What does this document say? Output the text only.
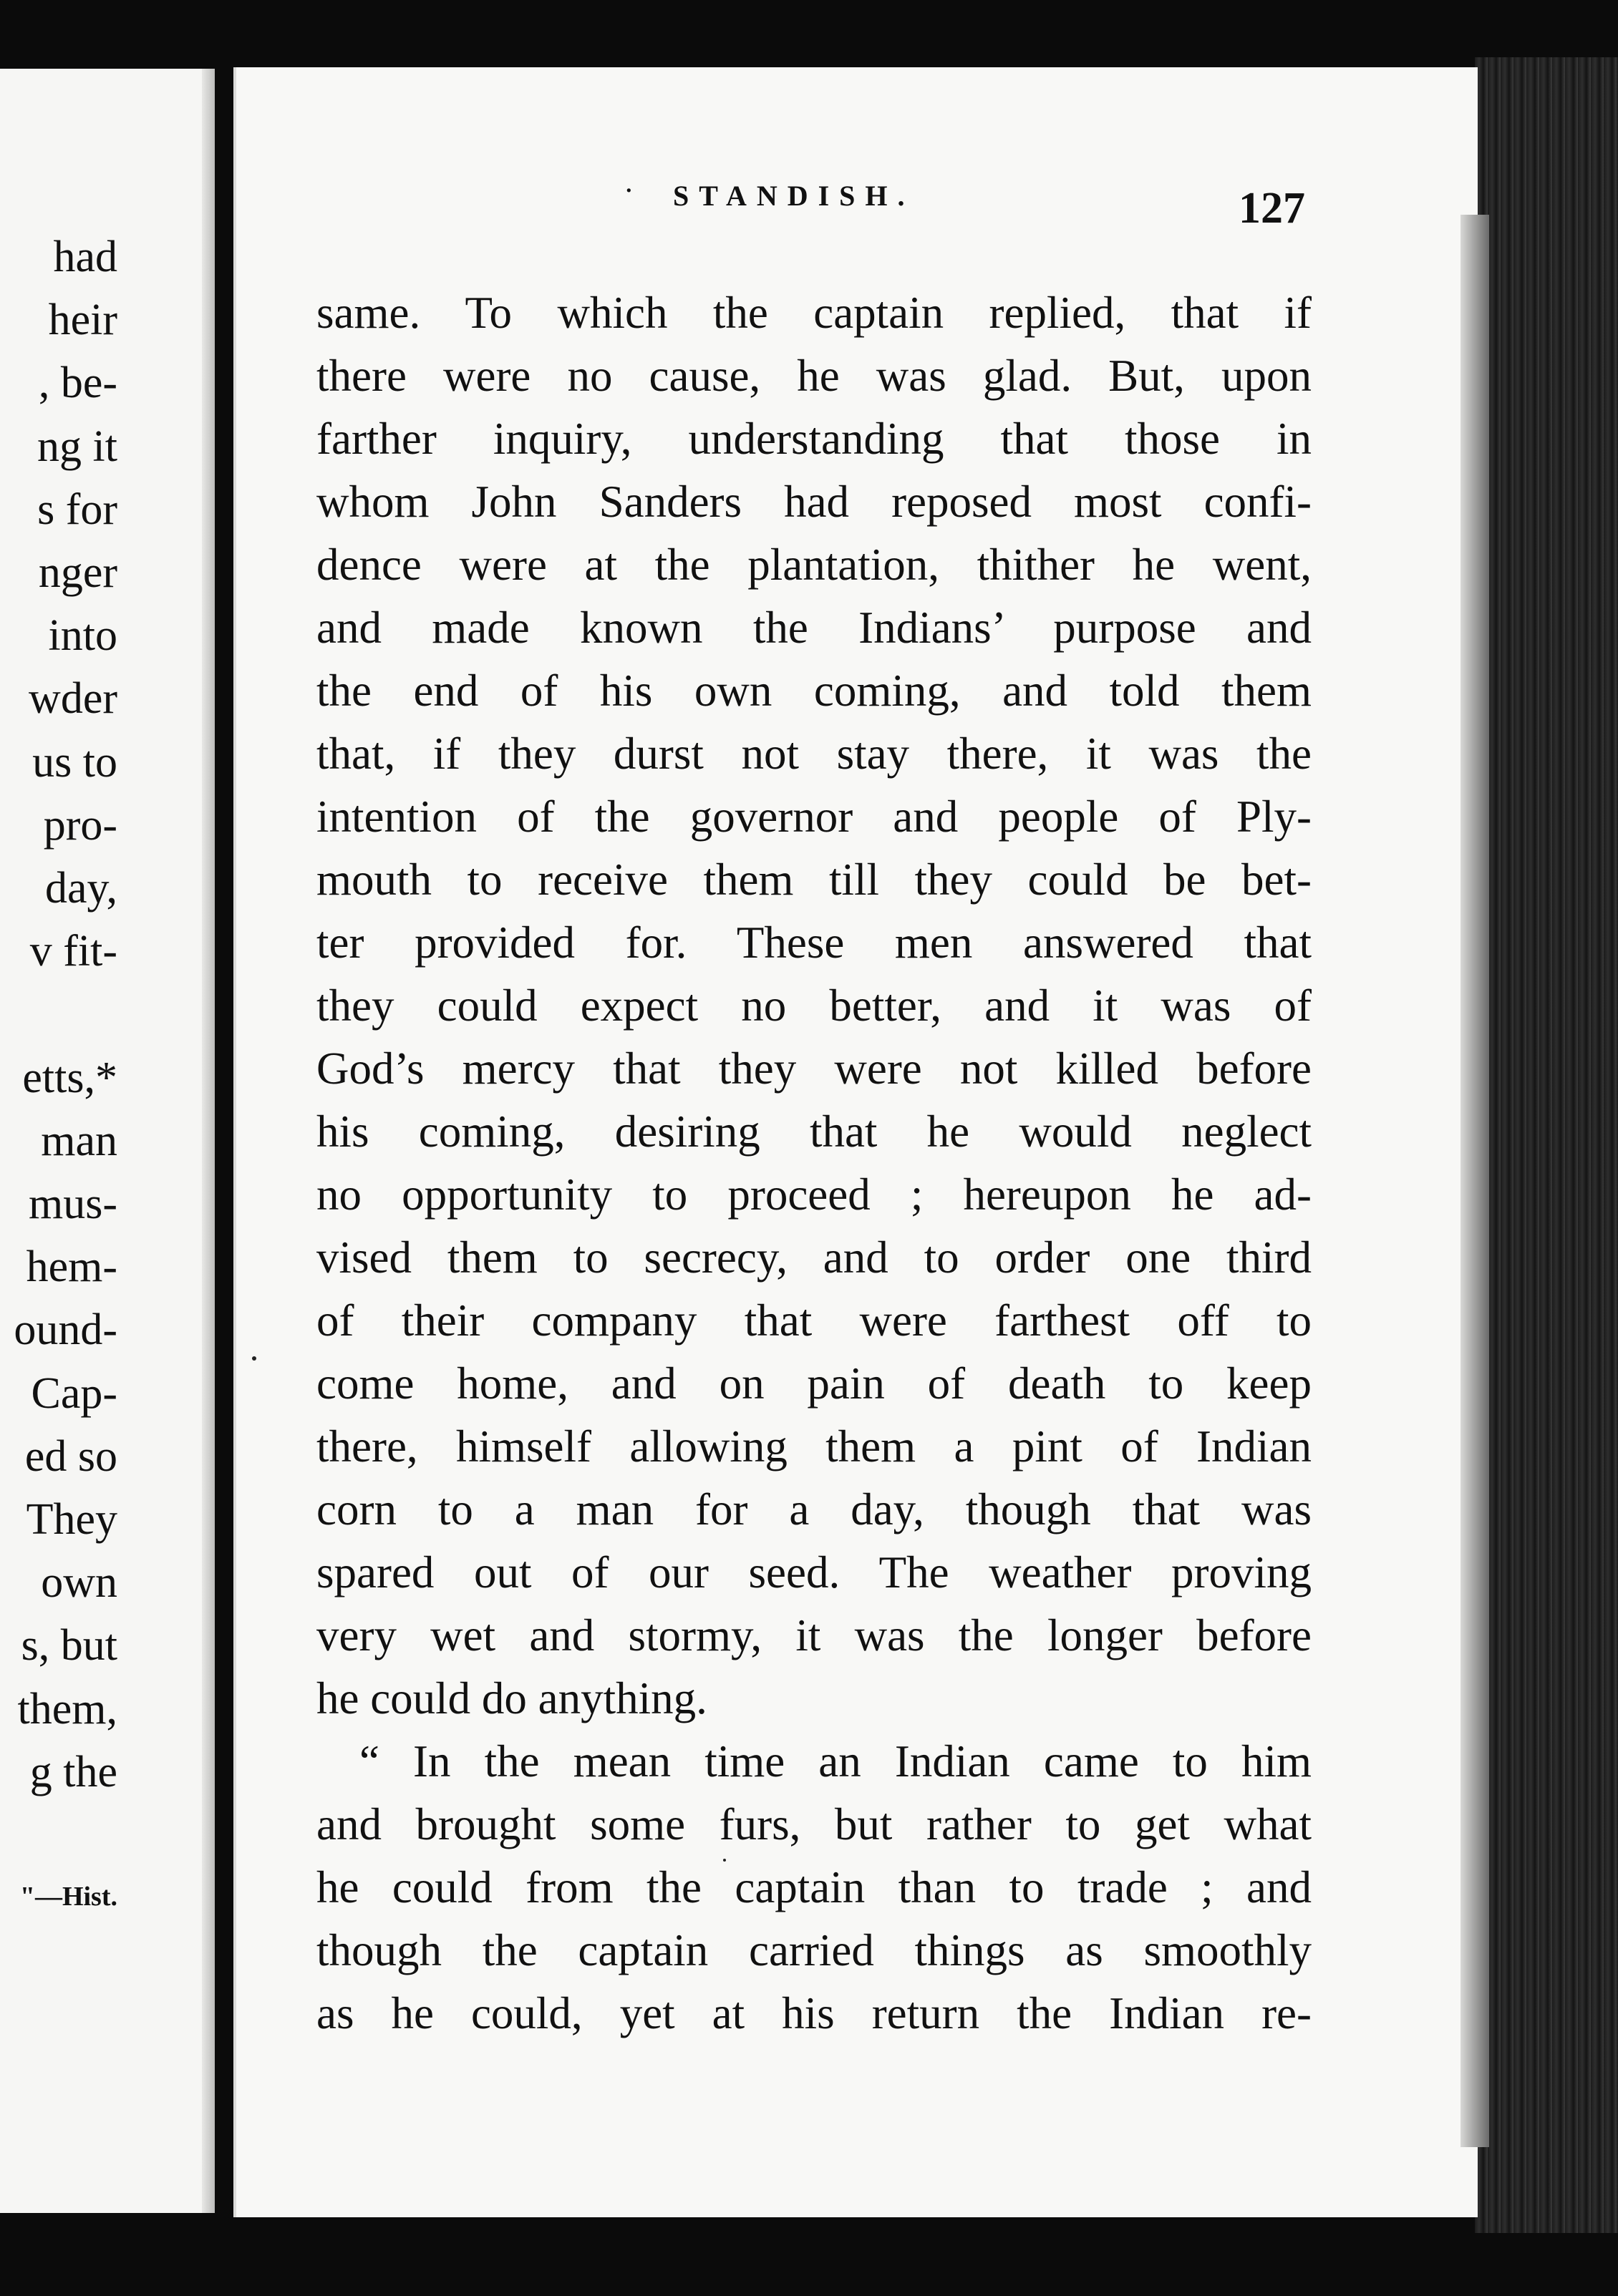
had
heir
, be-
ng it
s for
nger
into
wder
us to
pro-
day,
v fit-
etts,*
man
mus-
hem-
ound-
Cap-
ed so
They
own
s, but
them,
g the
"—Hist.
· STANDISH.	127
same. To which the captain replied, that if
there were no cause, he was glad. But, upon
farther inquiry, understanding that those in
whom John Sanders had reposed most confi-
dence were at the plantation, thither he went,
and made known the Indians’ purpose and
the end of his own coming, and told them
that, if they durst not stay there, it was the
intention of the governor and people of Ply-
mouth to receive them till they could be bet-
ter provided for. These men answered that
they could expect no better, and it was of
God’s mercy that they were not killed before
his coming, desiring that he would neglect
no opportunity to proceed ; hereupon he ad-
vised them to secrecy, and to order one third
of their company that were farthest off to
come home, and on pain of death to keep
there, himself allowing them a pint of Indian
corn to a man for a day, though that was
spared out of our seed. The weather proving
very wet and stormy, it was the longer before
he could do anything.
“ In the mean time an Indian came to him
and brought some furs, but rather to get what
he could from the captain than to trade ; and
though the captain carried things as smoothly
as he could, yet at his return the Indian re-
